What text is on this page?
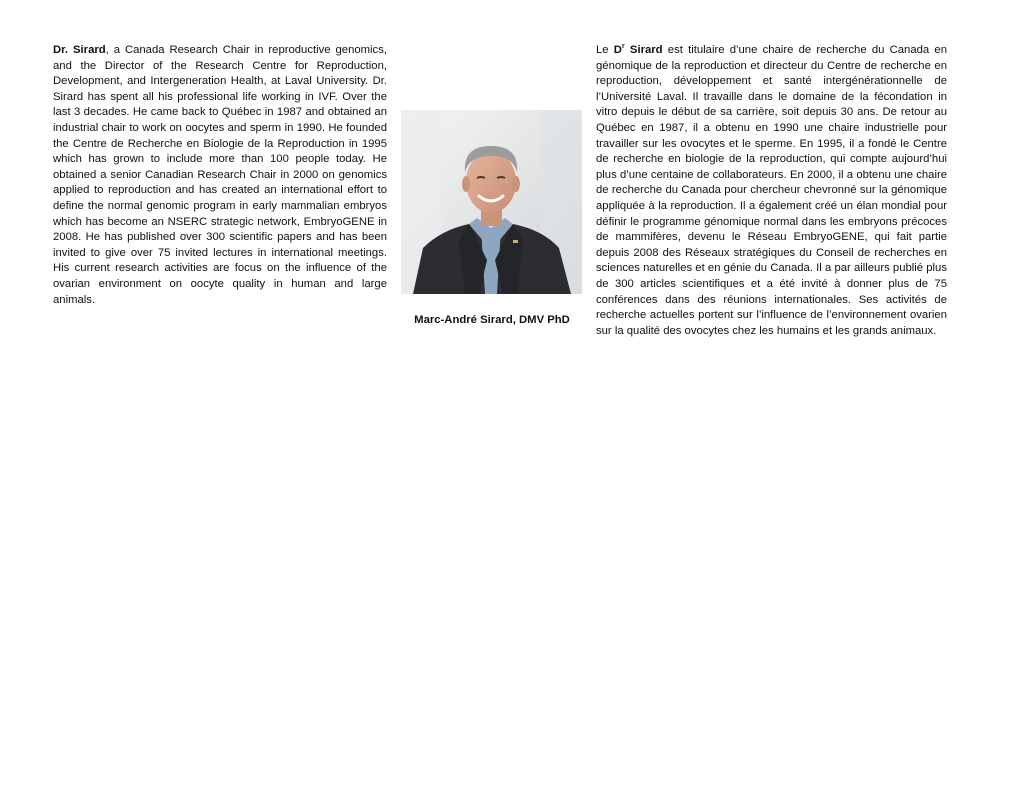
Dr. Sirard, a Canada Research Chair in reproductive genomics, and the Director of the Research Centre for Reproduction, Development, and Intergeneration Health, at Laval University. Dr. Sirard has spent all his professional life working in IVF. Over the last 3 decades. He came back to Québec in 1987 and obtained an industrial chair to work on oocytes and sperm in 1990. He founded the Centre de Recherche en Biologie de la Reproduction in 1995 which has grown to include more than 100 people today. He obtained a senior Canadian Research Chair in 2000 on genomics applied to reproduction and has created an international effort to define the normal genomic program in early mammalian embryos which has become an NSERC strategic network, EmbryoGENE in 2008. He has published over 300 scientific papers and has been invited to give over 75 invited lectures in international meetings. His current research activities are focus on the influence of the ovarian environment on oocyte quality in human and large animals.
Marc-André Sirard, DMV PhD
Le $D^r$ Sirard est titulaire d’une chaire de recherche du Canada en génomique de la reproduction et directeur du Centre de recherche en reproduction, développement et santé intergénérationnelle de l’Université Laval. Il travaille dans le domaine de la fécondation in vitro depuis le début de sa carrière, soit depuis 30 ans. De retour au Québec en 1987, il a obtenu en 1990 une chaire industrielle pour travailler sur les ovocytes et le sperme. En 1995, il a fondé le Centre de recherche en biologie de la reproduction, qui compte aujourd’hui plus d’une centaine de collaborateurs. En 2000, il a obtenu une chaire de recherche du Canada pour chercheur chevronné sur la génomique appliquée à la reproduction. Il a également créé un élan mondial pour définir le programme génomique normal dans les embryons précoces de mammifères, devenu le Réseau EmbryoGENE, qui fait partie depuis 2008 des Réseaux stratégiques du Conseil de recherches en sciences naturelles et en génie du Canada. Il a par ailleurs publié plus de 300 articles scientifiques et a été invité à donner plus de 75 conférences dans des réunions internationales. Ses activités de recherche actuelles portent sur l’influence de l’environnement ovarien sur la qualité des ovocytes chez les humains et les grands animaux.
